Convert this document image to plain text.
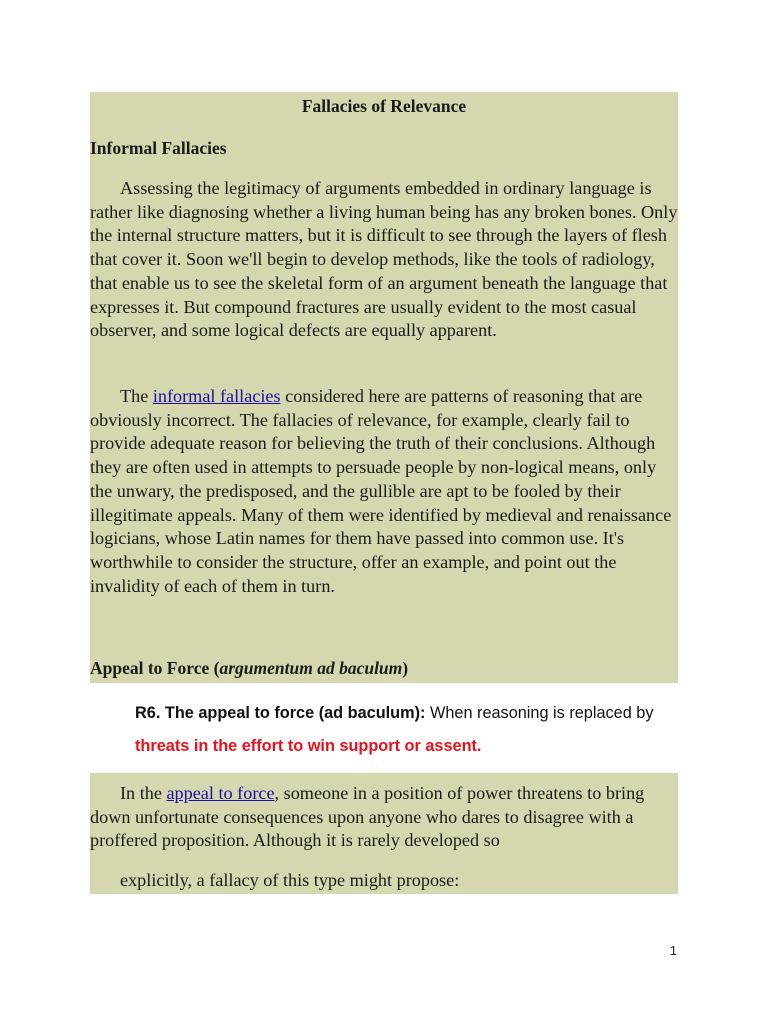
Fallacies of Relevance

Informal Fallacies

Assessing the legitimacy of arguments embedded in ordinary language is rather like diagnosing whether a living human being has any broken bones. Only the internal structure matters, but it is difficult to see through the layers of flesh that cover it. Soon we'll begin to develop methods, like the tools of radiology, that enable us to see the skeletal form of an argument beneath the language that expresses it. But compound fractures are usually evident to the most casual observer, and some logical defects are equally apparent.

The informal fallacies considered here are patterns of reasoning that are obviously incorrect. The fallacies of relevance, for example, clearly fail to provide adequate reason for believing the truth of their conclusions. Although they are often used in attempts to persuade people by non-logical means, only the unwary, the predisposed, and the gullible are apt to be fooled by their illegitimate appeals. Many of them were identified by medieval and renaissance logicians, whose Latin names for them have passed into common use. It's worthwhile to consider the structure, offer an example, and point out the invalidity of each of them in turn.

Appeal to Force (argumentum ad baculum)

R6. The appeal to force (ad baculum): When reasoning is replaced by threats in the effort to win support or assent.

In the appeal to force, someone in a position of power threatens to bring down unfortunate consequences upon anyone who dares to disagree with a proffered proposition. Although it is rarely developed so

explicitly, a fallacy of this type might propose:

1
